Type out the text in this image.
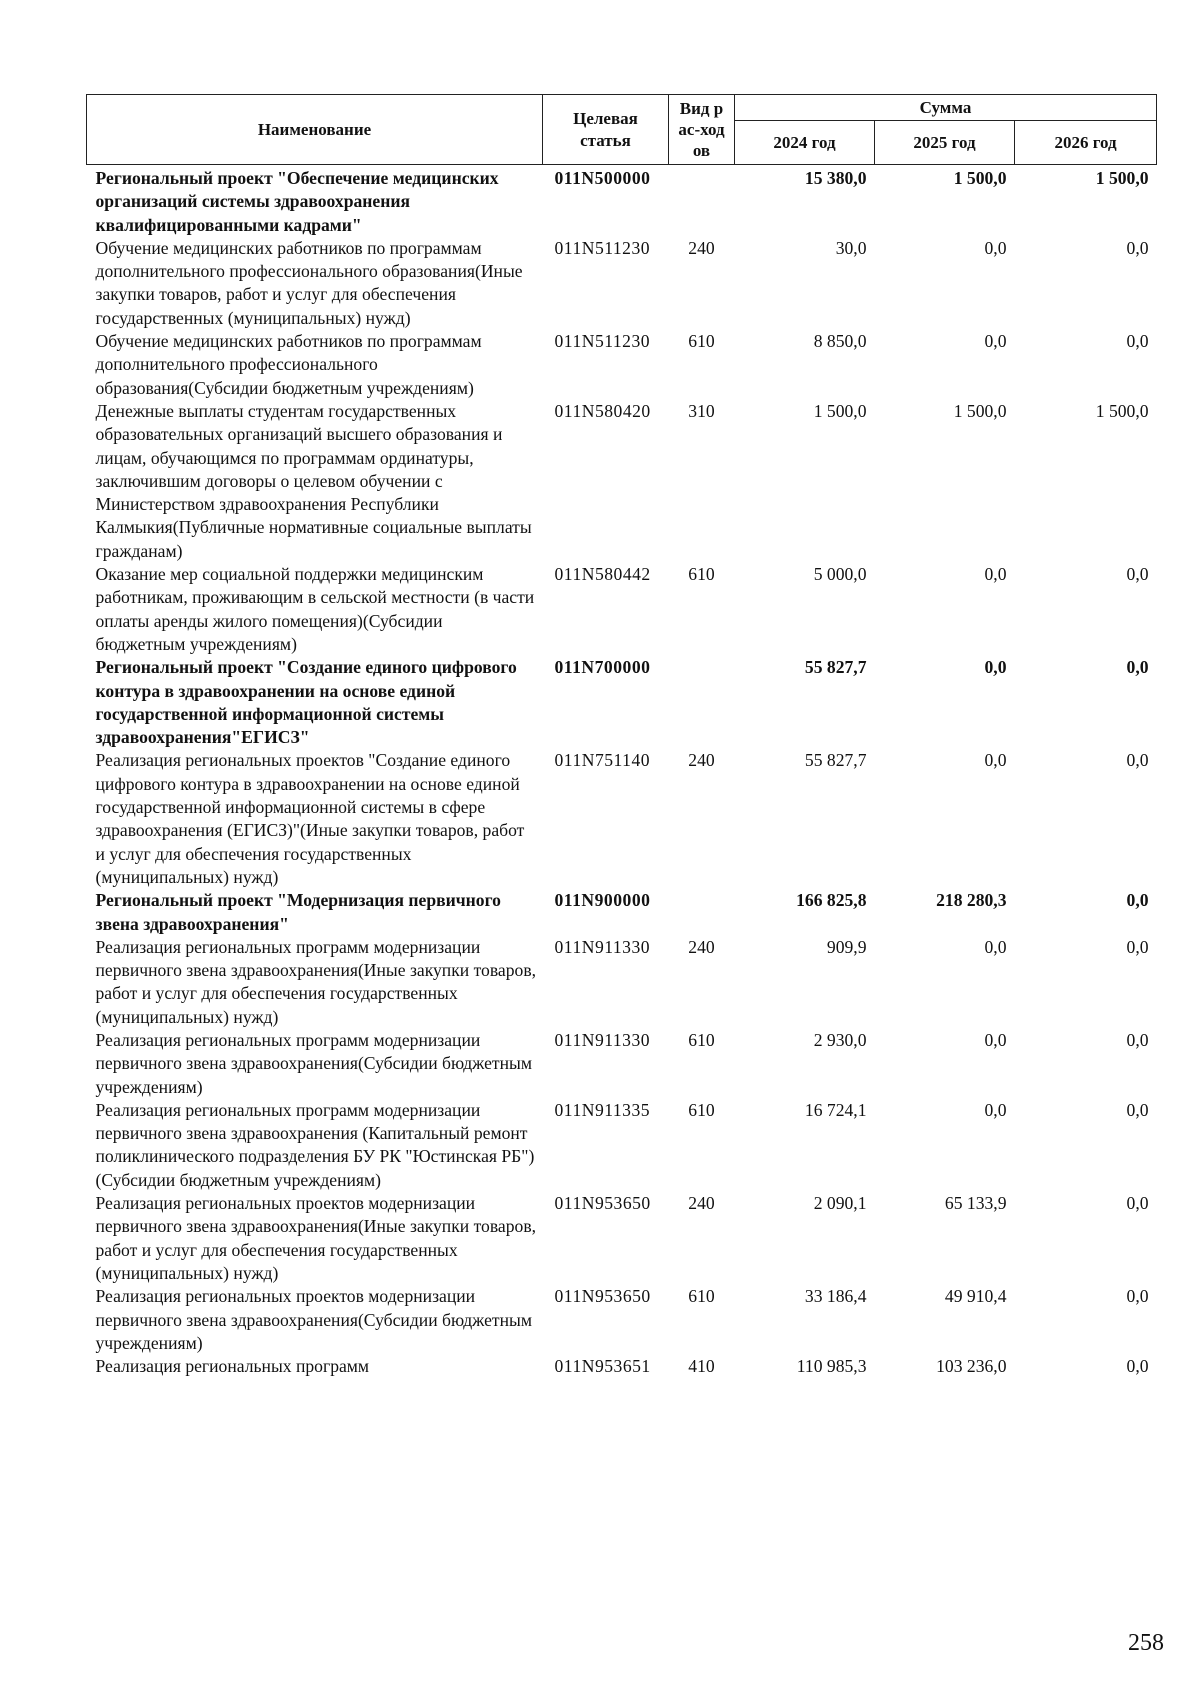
Наименование	Целевая статья	Вид рас-ходов	Сумма		
			2024 год	2025 год	2026 год
Региональный проект "Обеспечение медицинских организаций системы здравоохранения квалифицированными кадрами"	011N500000		15 380,0	1 500,0	1 500,0
Обучение медицинских работников по программам дополнительного профессионального образования(Иные закупки товаров, работ и услуг для обеспечения государственных (муниципальных) нужд)	011N511230	240	30,0	0,0	0,0
Обучение медицинских работников по программам дополнительного профессионального образования(Субсидии бюджетным учреждениям)	011N511230	610	8 850,0	0,0	0,0
Денежные выплаты студентам государственных образовательных организаций высшего образования и лицам, обучающимся по программам ординатуры, заключившим договоры о целевом обучении с Министерством здравоохранения Республики Калмыкия(Публичные нормативные социальные выплаты гражданам)	011N580420	310	1 500,0	1 500,0	1 500,0
Оказание мер социальной поддержки медицинским работникам, проживающим в сельской местности (в части оплаты аренды жилого помещения)(Субсидии бюджетным учреждениям)	011N580442	610	5 000,0	0,0	0,0
Региональный проект "Создание единого цифрового контура в здравоохранении на основе единой государственной информационной системы здравоохранения"ЕГИСЗ"	011N700000		55 827,7	0,0	0,0
Реализация региональных проектов "Создание единого цифрового контура в здравоохранении на основе единой государственной информационной системы в сфере здравоохранения (ЕГИСЗ)"(Иные закупки товаров, работ и услуг для обеспечения государственных (муниципальных) нужд)	011N751140	240	55 827,7	0,0	0,0
Региональный проект "Модернизация первичного звена здравоохранения"	011N900000		166 825,8	218 280,3	0,0
Реализация региональных программ модернизации первичного звена здравоохранения(Иные закупки товаров, работ и услуг для обеспечения государственных (муниципальных) нужд)	011N911330	240	909,9	0,0	0,0
Реализация региональных программ модернизации первичного звена здравоохранения(Субсидии бюджетным учреждениям)	011N911330	610	2 930,0	0,0	0,0
Реализация региональных программ модернизации первичного звена здравоохранения (Капитальный ремонт поликлинического подразделения БУ РК "Юстинская РБ")(Субсидии бюджетным учреждениям)	011N911335	610	16 724,1	0,0	0,0
Реализация региональных проектов модернизации первичного звена здравоохранения(Иные закупки товаров, работ и услуг для обеспечения государственных (муниципальных) нужд)	011N953650	240	2 090,1	65 133,9	0,0
Реализация региональных проектов модернизации первичного звена здравоохранения(Субсидии бюджетным учреждениям)	011N953650	610	33 186,4	49 910,4	0,0
Реализация региональных программ	011N953651	410	110 985,3	103 236,0	0,0
258
